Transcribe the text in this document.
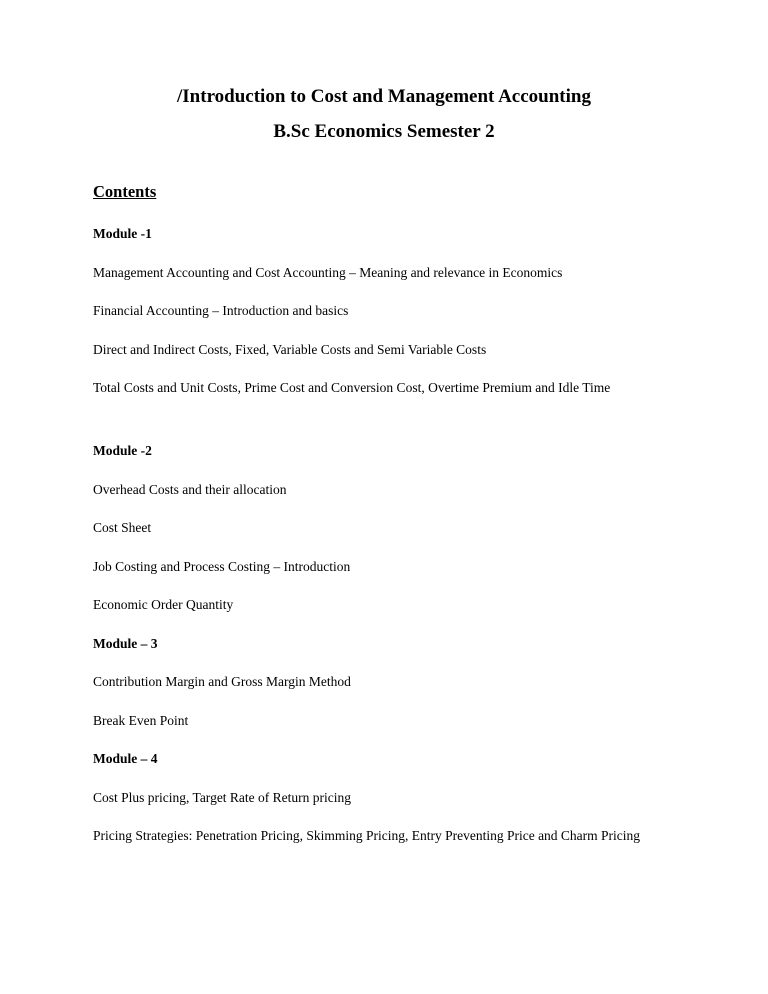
/Introduction to Cost and Management Accounting
B.Sc Economics Semester 2
Contents

Module -1

Management Accounting and Cost Accounting – Meaning and relevance in Economics

Financial Accounting – Introduction and basics

Direct and Indirect Costs, Fixed, Variable Costs and Semi Variable Costs

Total Costs and Unit Costs, Prime Cost and Conversion Cost, Overtime Premium and Idle Time

Module -2

Overhead Costs and their allocation

Cost Sheet

Job Costing and Process Costing – Introduction

Economic Order Quantity

Module – 3

Contribution Margin and Gross Margin Method

Break Even Point

Module – 4

Cost Plus pricing, Target Rate of Return pricing

Pricing Strategies: Penetration Pricing, Skimming Pricing, Entry Preventing Price and Charm Pricing
